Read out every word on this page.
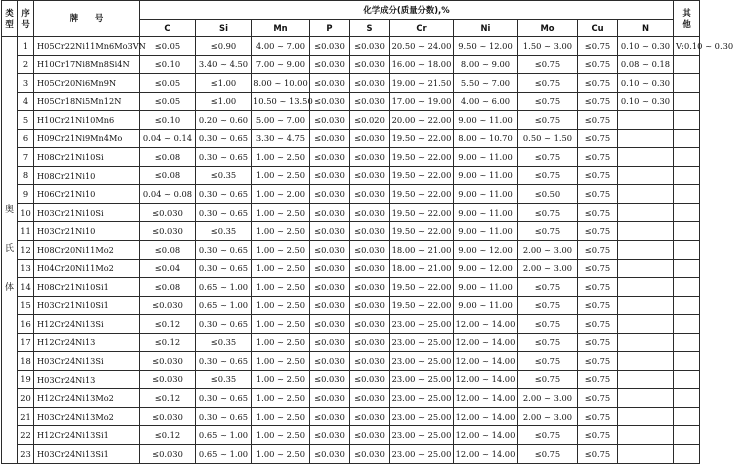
类型	序号	牌　　号	化学成分(质量分数),%										其　他
			C	Si	Mn	P	S	Cr	Ni	Mo	Cu	N	

奥
氏
体	1	H05Cr22Ni11Mn6Mo3VN	≤0.05	≤0.90	4.00 ~ 7.00	≤0.030	≤0.030	20.50 ~ 24.00	9.50 ~ 12.00	1.50 ~ 3.00	≤0.75	0.10 ~ 0.30	V:0.10 ~ 0.30
	2	H10Cr17Ni8Mn8Si4N	≤0.10	3.40 ~ 4.50	7.00 ~ 9.00	≤0.030	≤0.030	16.00 ~ 18.00	8.00 ~ 9.00	≤0.75	≤0.75	0.08 ~ 0.18	
	3	H05Cr20Ni6Mn9N	≤0.05	≤1.00	8.00 ~ 10.00	≤0.030	≤0.030	19.00 ~ 21.50	5.50 ~ 7.00	≤0.75	≤0.75	0.10 ~ 0.30	
	4	H05Cr18Ni5Mn12N	≤0.05	≤1.00	10.50 ~ 13.50	≤0.030	≤0.030	17.00 ~ 19.00	4.00 ~ 6.00	≤0.75	≤0.75	0.10 ~ 0.30	
	5	H10Cr21Ni10Mn6	≤0.10	0.20 ~ 0.60	5.00 ~ 7.00	≤0.030	≤0.020	20.00 ~ 22.00	9.00 ~ 11.00	≤0.75	≤0.75		
	6	H09Cr21Ni9Mn4Mo	0.04 ~ 0.14	0.30 ~ 0.65	3.30 ~ 4.75	≤0.030	≤0.030	19.50 ~ 22.00	8.00 ~ 10.70	0.50 ~ 1.50	≤0.75		
	7	H08Cr21Ni10Si	≤0.08	0.30 ~ 0.65	1.00 ~ 2.50	≤0.030	≤0.030	19.50 ~ 22.00	9.00 ~ 11.00	≤0.75	≤0.75		
	8	H08Cr21Ni10	≤0.08	≤0.35	1.00 ~ 2.50	≤0.030	≤0.030	19.50 ~ 22.00	9.00 ~ 11.00	≤0.75	≤0.75		
	9	H06Cr21Ni10	0.04 ~ 0.08	0.30 ~ 0.65	1.00 ~ 2.00	≤0.030	≤0.030	19.50 ~ 22.00	9.00 ~ 11.00	≤0.50	≤0.75		
	10	H03Cr21Ni10Si	≤0.030	0.30 ~ 0.65	1.00 ~ 2.50	≤0.030	≤0.030	19.50 ~ 22.00	9.00 ~ 11.00	≤0.75	≤0.75		
	11	H03Cr21Ni10	≤0.030	≤0.35	1.00 ~ 2.50	≤0.030	≤0.030	19.50 ~ 22.00	9.00 ~ 11.00	≤0.75	≤0.75		
	12	H08Cr20Ni11Mo2	≤0.08	0.30 ~ 0.65	1.00 ~ 2.50	≤0.030	≤0.030	18.00 ~ 21.00	9.00 ~ 12.00	2.00 ~ 3.00	≤0.75		
	13	H04Cr20Ni11Mo2	≤0.04	0.30 ~ 0.65	1.00 ~ 2.50	≤0.030	≤0.030	18.00 ~ 21.00	9.00 ~ 12.00	2.00 ~ 3.00	≤0.75		
	14	H08Cr21Ni10Si1	≤0.08	0.65 ~ 1.00	1.00 ~ 2.50	≤0.030	≤0.030	19.50 ~ 22.00	9.00 ~ 11.00	≤0.75	≤0.75		
	15	H03Cr21Ni10Si1	≤0.030	0.65 ~ 1.00	1.00 ~ 2.50	≤0.030	≤0.030	19.50 ~ 22.00	9.00 ~ 11.00	≤0.75	≤0.75		
	16	H12Cr24Ni13Si	≤0.12	0.30 ~ 0.65	1.00 ~ 2.50	≤0.030	≤0.030	23.00 ~ 25.00	12.00 ~ 14.00	≤0.75	≤0.75		
	17	H12Cr24Ni13	≤0.12	≤0.35	1.00 ~ 2.50	≤0.030	≤0.030	23.00 ~ 25.00	12.00 ~ 14.00	≤0.75	≤0.75		
	18	H03Cr24Ni13Si	≤0.030	0.30 ~ 0.65	1.00 ~ 2.50	≤0.030	≤0.030	23.00 ~ 25.00	12.00 ~ 14.00	≤0.75	≤0.75		
	19	H03Cr24Ni13	≤0.030	≤0.35	1.00 ~ 2.50	≤0.030	≤0.030	23.00 ~ 25.00	12.00 ~ 14.00	≤0.75	≤0.75		
	20	H12Cr24Ni13Mo2	≤0.12	0.30 ~ 0.65	1.00 ~ 2.50	≤0.030	≤0.030	23.00 ~ 25.00	12.00 ~ 14.00	2.00 ~ 3.00	≤0.75		
	21	H03Cr24Ni13Mo2	≤0.030	0.30 ~ 0.65	1.00 ~ 2.50	≤0.030	≤0.030	23.00 ~ 25.00	12.00 ~ 14.00	2.00 ~ 3.00	≤0.75		
	22	H12Cr24Ni13Si1	≤0.12	0.65 ~ 1.00	1.00 ~ 2.50	≤0.030	≤0.030	23.00 ~ 25.00	12.00 ~ 14.00	≤0.75	≤0.75		
	23	H03Cr24Ni13Si1	≤0.030	0.65 ~ 1.00	1.00 ~ 2.50	≤0.030	≤0.030	23.00 ~ 25.00	12.00 ~ 14.00	≤0.75	≤0.75		
